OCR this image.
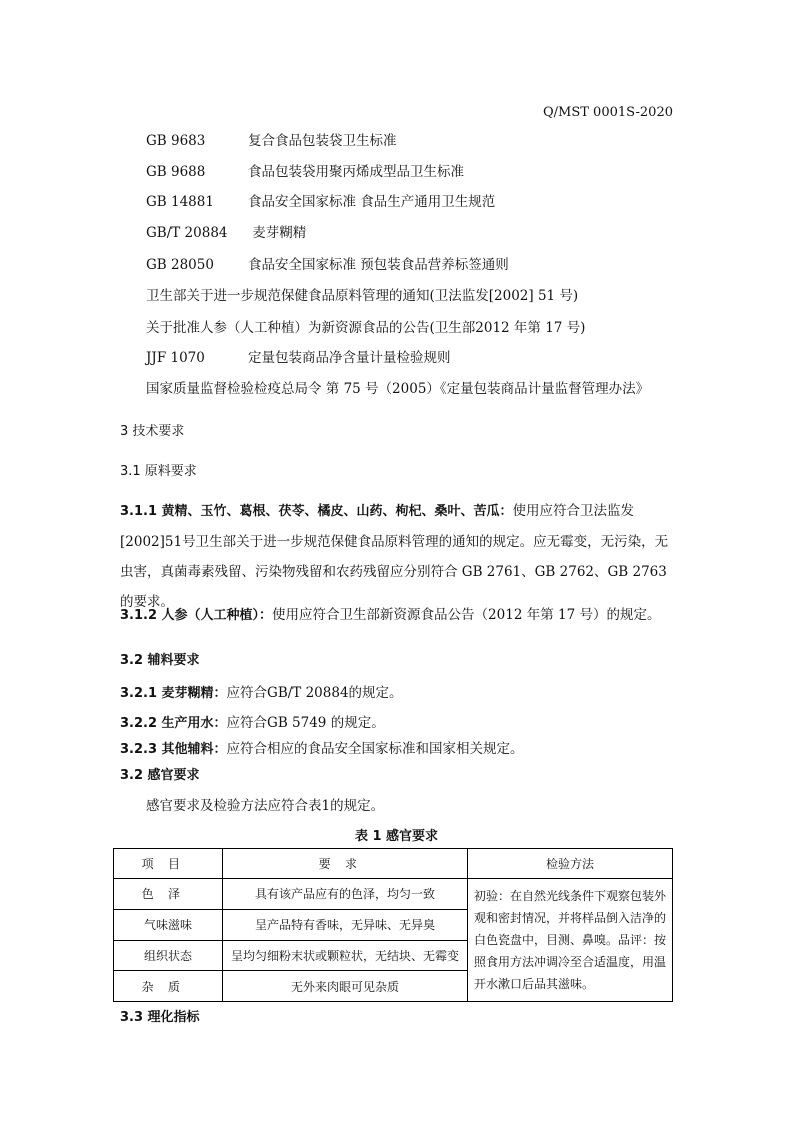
Q/MST 0001S-2020
GB 9683	复合食品包装袋卫生标准
GB 9688	食品包装袋用聚丙烯成型品卫生标准
GB 14881	食品安全国家标准 食品生产通用卫生规范
GB/T 20884 麦芽糊精
GB 28050	食品安全国家标准 预包装食品营养标签通则
卫生部关于进一步规范保健食品原料管理的通知(卫法监发[2002] 51 号)
关于批准人参（人工种植）为新资源食品的公告(卫生部2012 年第 17 号)
JJF 1070	定量包装商品净含量计量检验规则
国家质量监督检验检疫总局令 第 75 号（2005）《定量包装商品计量监督管理办法》
3 技术要求
3.1 原料要求
3.1.1 黄精、玉竹、葛根、茯苓、橘皮、山药、枸杞、桑叶、苦瓜：使用应符合卫法监发[2002]51号卫生部关于进一步规范保健食品原料管理的通知的规定。应无霉变，无污染，无虫害，真菌毒素残留、污染物残留和农药残留应分别符合 GB 2761、GB 2762、GB 2763 的要求。
3.1.2 人参（人工种植）：使用应符合卫生部新资源食品公告（2012 年第 17 号）的规定。
3.2 辅料要求
3.2.1 麦芽糊精：应符合GB/T 20884的规定。
3.2.2 生产用水：应符合GB 5749 的规定。
3.2.3 其他辅料：应符合相应的食品安全国家标准和国家相关规定。
3.2 感官要求
感官要求及检验方法应符合表1的规定。
表 1 感官要求
项目	要求	检验方法
色泽	具有该产品应有的色泽，均匀一致	初验：在自然光线条件下观察包装外观和密封情况，并将样品倒入洁净的白色瓷盘中，目测、鼻嗅。品评：按照食用方法冲调冷至合适温度，用温开水漱口后品其滋味。
气味滋味	呈产品特有香味，无异味、无异臭	
组织状态	呈均匀细粉末状或颗粒状，无结块、无霉变	
杂质	无外来肉眼可见杂质	
3.3 理化指标
